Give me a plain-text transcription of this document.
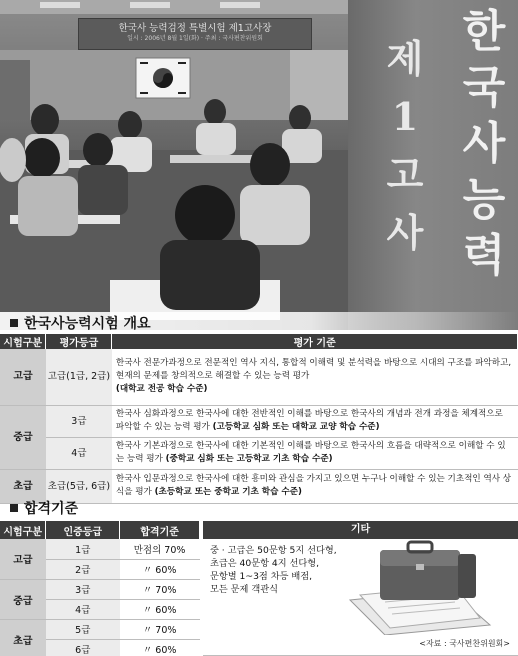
한국사 능력검정 특별시험 제1고사장
일시 : 2006년 8월 1일(화) · 주최 : 국사편찬위원회	제
1
고
사
한
국
사
능
력
한국사능력시험 개요
시험구분	평가등급	평가 기준
고급	고급(1급, 2급)	한국사 전문가과정으로 전문적인 역사 지식, 통합적 이해력 및 분석력을 바탕으로 시대의 구조를 파악하고, 현재의 문제를 창의적으로 해결할 수 있는 능력 평가
(대학교 전공 학습 수준)
중급	3급	한국사 심화과정으로 한국사에 대한 전반적인 이해를 바탕으로 한국사의 개념과 전개 과정을 체계적으로 파악할 수 있는 능력 평가 (고등학교 심화 또는 대학교 교양 학습 수준)
	4급	한국사 기본과정으로 한국사에 대한 기본적인 이해를 바탕으로 한국사의 흐름을 대략적으로 이해할 수 있는 능력 평가 (중학교 심화 또는 고등학교 기초 학습 수준)
초급	초급(5급, 6급)	한국사 입문과정으로 한국사에 대한 흥미와 관심을 가지고 있으면 누구나 이해할 수 있는 기초적인 역사 상식을 평가 (초등학교 또는 중학교 기초 학습 수준)
합격기준
시험구분	인증등급	합격기준
고급	1급	만점의 70%
	2급	〃 60%
중급	3급	〃 70%
	4급	〃 60%
초급	5급	〃 70%
	6급	〃 60%
기타
중 · 고급은 50문항 5지 선다형,
초급은 40문항 4지 선다형,
문항별 1~3점 차등 배점,
모든 문제 객관식
<자료 : 국사편찬위원회>
